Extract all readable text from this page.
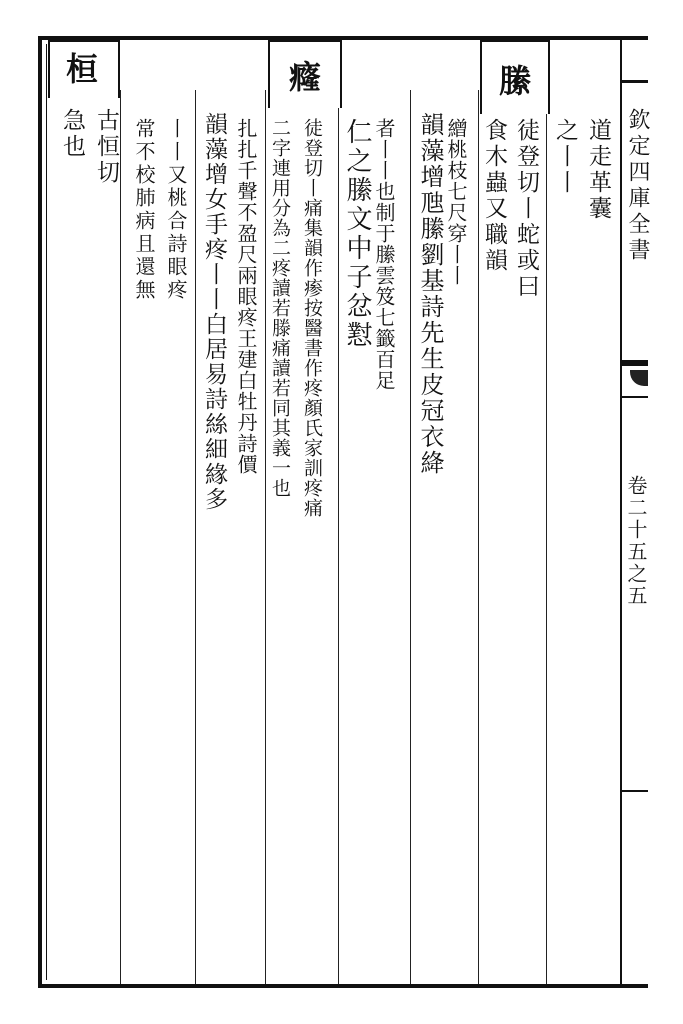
桓	癃	縢
欽定四庫全書
卷二十五之五
急也 古恒切 常不校肺病且還無 丨丨又桃合詩眼疼 韻藻增女手疼丨丨白居易詩絲細緣多 二字連用分為二疼讀若滕痛讀若同其義一也 徒登切丨痛集韻作瘆按醫書作疼顏氏家訓疼痛 仁之縢文中子忿懟 韻藻增虺縢劉基詩先生皮冠衣絳	徒登切丨蛇或曰
食木蟲又職韻 之丨丨 道走革囊
扎扎千聲不盈尺兩眼疼王建白牡丹詩價	者丨丨也制于縢雲笈七籤百足 繒桃枝七尺穿丨丨
